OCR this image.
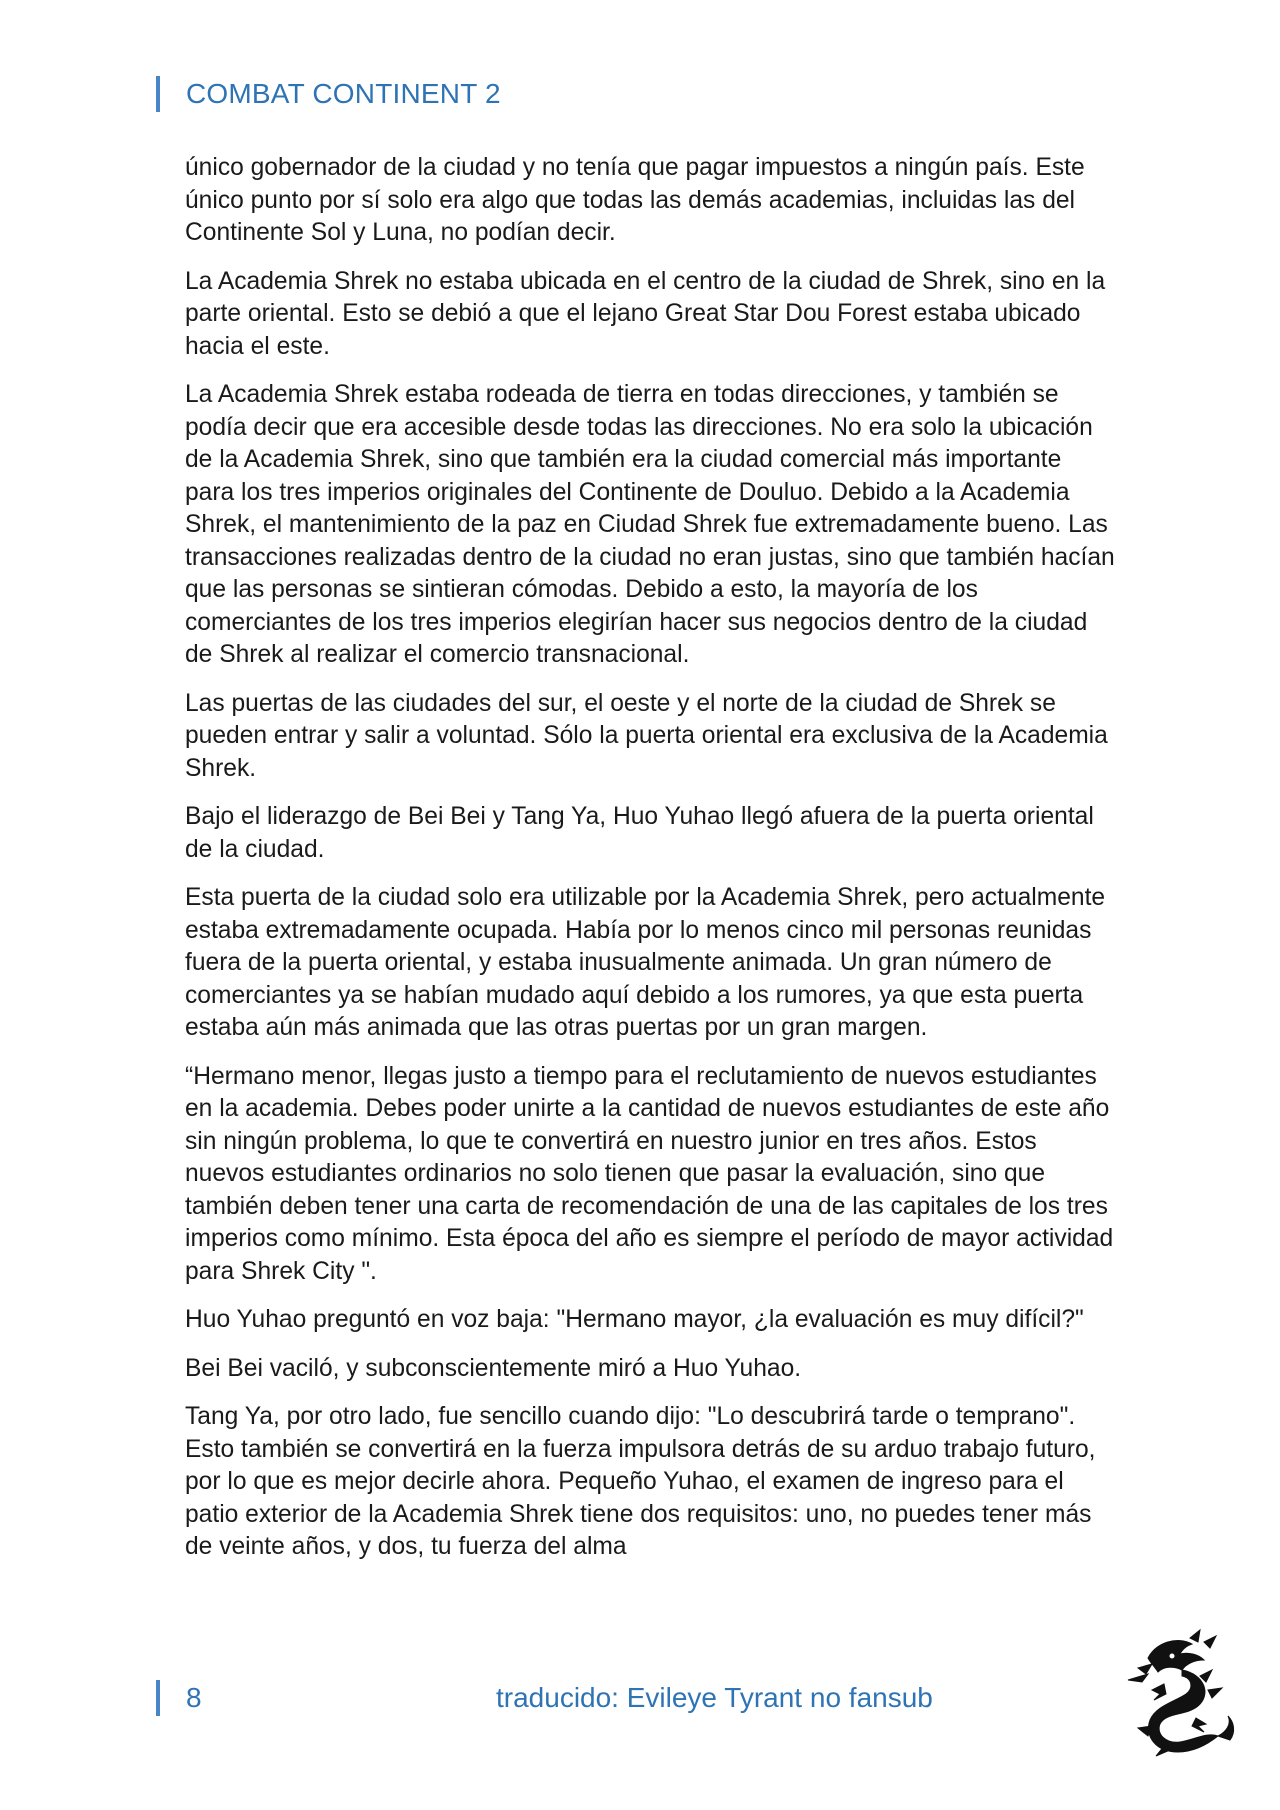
COMBAT CONTINENT 2

único gobernador de la ciudad y no tenía que pagar impuestos a ningún país. Este único punto por sí solo era algo que todas las demás academias, incluidas las del Continente Sol y Luna, no podían decir.

La Academia Shrek no estaba ubicada en el centro de la ciudad de Shrek, sino en la parte oriental. Esto se debió a que el lejano Great Star Dou Forest estaba ubicado hacia el este.

La Academia Shrek estaba rodeada de tierra en todas direcciones, y también se podía decir que era accesible desde todas las direcciones. No era solo la ubicación de la Academia Shrek, sino que también era la ciudad comercial más importante para los tres imperios originales del Continente de Douluo. Debido a la Academia Shrek, el mantenimiento de la paz en Ciudad Shrek fue extremadamente bueno. Las transacciones realizadas dentro de la ciudad no eran justas, sino que también hacían que las personas se sintieran cómodas. Debido a esto, la mayoría de los comerciantes de los tres imperios elegirían hacer sus negocios dentro de la ciudad de Shrek al realizar el comercio transnacional.

Las puertas de las ciudades del sur, el oeste y el norte de la ciudad de Shrek se pueden entrar y salir a voluntad. Sólo la puerta oriental era exclusiva de la Academia Shrek.

Bajo el liderazgo de Bei Bei y Tang Ya, Huo Yuhao llegó afuera de la puerta oriental de la ciudad.

Esta puerta de la ciudad solo era utilizable por la Academia Shrek, pero actualmente estaba extremadamente ocupada. Había por lo menos cinco mil personas reunidas fuera de la puerta oriental, y estaba inusualmente animada. Un gran número de comerciantes ya se habían mudado aquí debido a los rumores, ya que esta puerta estaba aún más animada que las otras puertas por un gran margen.

“Hermano menor, llegas justo a tiempo para el reclutamiento de nuevos estudiantes en la academia. Debes poder unirte a la cantidad de nuevos estudiantes de este año sin ningún problema, lo que te convertirá en nuestro junior en tres años. Estos nuevos estudiantes ordinarios no solo tienen que pasar la evaluación, sino que también deben tener una carta de recomendación de una de las capitales de los tres imperios como mínimo. Esta época del año es siempre el período de mayor actividad para Shrek City ".

Huo Yuhao preguntó en voz baja: "Hermano mayor, ¿la evaluación es muy difícil?"

Bei Bei vaciló, y subconscientemente miró a Huo Yuhao.

Tang Ya, por otro lado, fue sencillo cuando dijo: "Lo descubrirá tarde o temprano". Esto también se convertirá en la fuerza impulsora detrás de su arduo trabajo futuro, por lo que es mejor decirle ahora. Pequeño Yuhao, el examen de ingreso para el patio exterior de la Academia Shrek tiene dos requisitos: uno, no puedes tener más de veinte años, y dos, tu fuerza del alma

8	traducido: Evileye Tyrant no fansub
